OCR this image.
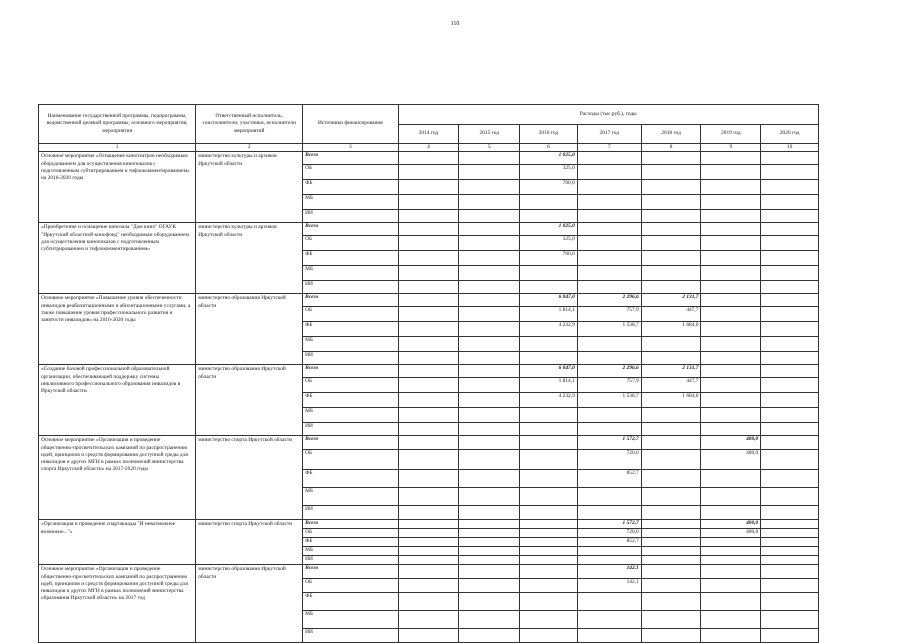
110
Наименование государственной программы, подпрограммы, ведомственной целевой программы, основного мероприятия, мероприятия	Ответственный исполнитель, соисполнители, участники, исполнители мероприятий	Источники финансирования	Расходы (тыс.руб.), годы						
			2014 год	2015 год	2016 год	2017 год	2018 год	2019 год	2020 год
1	2	3	4	5	6	7	8	9	10
Основное мероприятие «Оснащение кинотеатров необходимым оборудованием для осуществления кинопоказов с подготовленным субтитрированием и тифлокомментированием» на 2016-2020 годы	министерство культуры и архивов Иркутской области	Всего			1 025,0				
		ОБ			325,0				
		ФБ			700,0				
		МБ							
		ИИ							
«Приобретение и оснащение кинозала "Дом кино" ОГАУК "Иркутский областной кинофонд" необходимым оборудованием для осуществления кинопоказов с подготовленным субтитрированием и тифлокомментированием»	министерство культуры и архивов Иркутской области	Всего			1 025,0				
		ОБ			325,0				
		ФБ			700,0				
		МБ							
		ИИ							
Основное мероприятие «Повышение уровня обеспеченности инвалидов реабилитационными и абилитационными услугами, а также повышение уровня профессионального развития и занятости инвалидов» на 2016-2020 годы	министерство образования Иркутской области	Всего			6 047,0	2 296,6	2 131,7		
		ОБ			1 814,1	757,9	447,7		
		ФБ			4 232,9	1 538,7	1 684,0		
		МБ							
		ИИ							
«Создание базовой профессиональной образовательной организации, обеспечивающей поддержку системы инклюзивного профессионального образования инвалидов в Иркутской области»	министерство образования Иркутской области	Всего			6 047,0	2 296,6	2 131,7		
		ОБ			1 814,1	757,9	447,7		
		ФБ			4 232,9	1 538,7	1 684,0		
		МБ							
		ИИ							
Основное мероприятие «Организация и проведение общественно-просветительских кампаний по распространению идей, принципов и средств формирования доступной среды для инвалидов и других МГН в рамках полномочий министерства спорта Иркутской области» на 2017-2020 годы	министерство спорта Иркутской области	Всего				1 572,7		400,0	
		ОБ				720,0		400,0	
		ФБ				852,7			
		МБ							
		ИИ							
«Организация и проведение спартакиады "И невозможное возможно..."»	министерство спорта Иркутской области	Всего				1 572,7		400,0	
		ОБ				720,0		400,0	
		ФБ				852,7			
		МБ							
		ИИ							
Основное мероприятие «Организация и проведение общественно-просветительских кампаний по распространению идей, принципов и средств формирования доступной среды для инвалидов и других МГН в рамках полномочий министерства образования Иркутской области» на 2017 год	министерство образования Иркутской области	Всего				142,1			
		ОБ				142,1			
		ФБ							
		МБ							
		ИИ							
